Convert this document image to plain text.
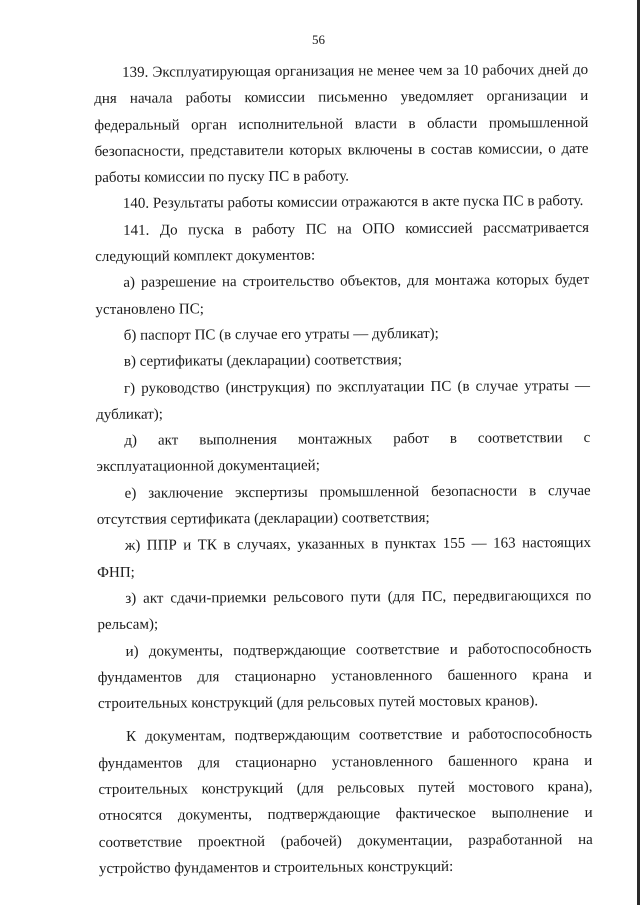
56

139. Эксплуатирующая организация не менее чем за 10 рабочих дней до дня начала работы комиссии письменно уведомляет организации и федеральный орган исполнительной власти в области промышленной безопасности, представители которых включены в состав комиссии, о дате работы комиссии по пуску ПС в работу.

140. Результаты работы комиссии отражаются в акте пуска ПС в работу.

141. До пуска в работу ПС на ОПО комиссией рассматривается следующий комплект документов:

а) разрешение на строительство объектов, для монтажа которых будет установлено ПС;

б) паспорт ПС (в случае его утраты — дубликат);

в) сертификаты (декларации) соответствия;

г) руководство (инструкция) по эксплуатации ПС (в случае утраты — дубликат);

д) акт выполнения монтажных работ в соответствии с эксплуатационной документацией;

е) заключение экспертизы промышленной безопасности в случае отсутствия сертификата (декларации) соответствия;

ж) ППР и ТК в случаях, указанных в пунктах 155 — 163 настоящих ФНП;

з) акт сдачи-приемки рельсового пути (для ПС, передвигающихся по рельсам);

и) документы, подтверждающие соответствие и работоспособность фундаментов для стационарно установленного башенного крана и строительных конструкций (для рельсовых путей мостовых кранов).

К документам, подтверждающим соответствие и работоспособность фундаментов для стационарно установленного башенного крана и строительных конструкций (для рельсовых путей мостового крана), относятся документы, подтверждающие фактическое выполнение и соответствие проектной (рабочей) документации, разработанной на устройство фундаментов и строительных конструкций:
